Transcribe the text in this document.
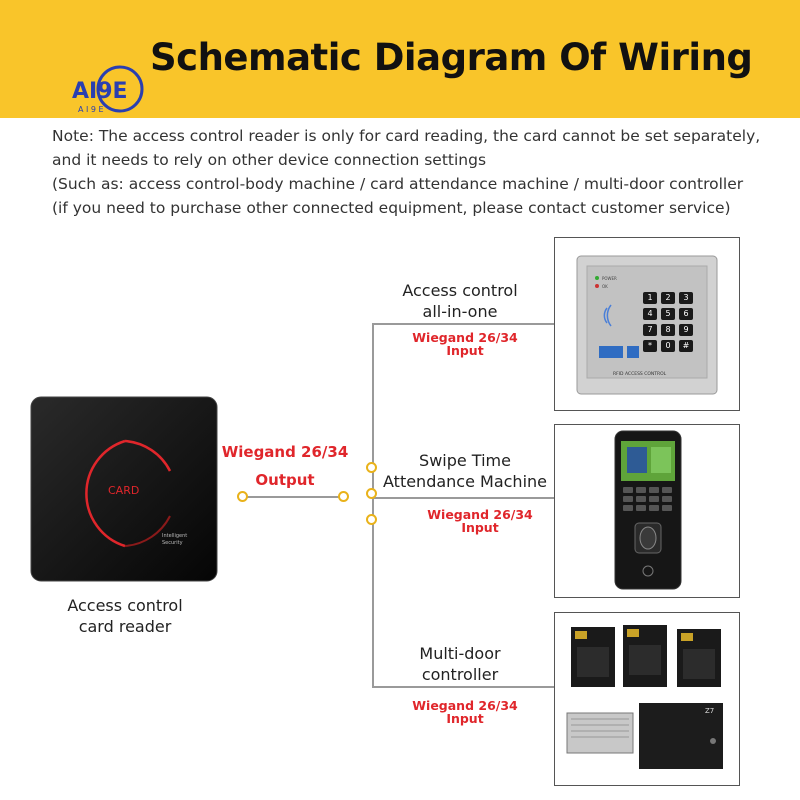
Schematic Diagram Of Wiring
AI9E
A I 9 E
Note: The access control reader is only for card reading, the card cannot be set separately,
and it needs to rely on other device connection settings
(Such as: access control-body machine / card attendance machine / multi-door controller
(if you need to purchase other connected equipment, please contact customer service)
CARD
Intelligent
Security
Access control
card reader
Wiegand 26/34
Output
Access control
all-in-one
Wiegand 26/34
Input
POWER
OK
RFID ACCESS CONTROL
1	2	3
4	5	6
7	8	9
*	0	#
Swipe Time
Attendance Machine
Wiegand 26/34
Input
Multi-door
controller
Wiegand 26/34
Input	Z7
